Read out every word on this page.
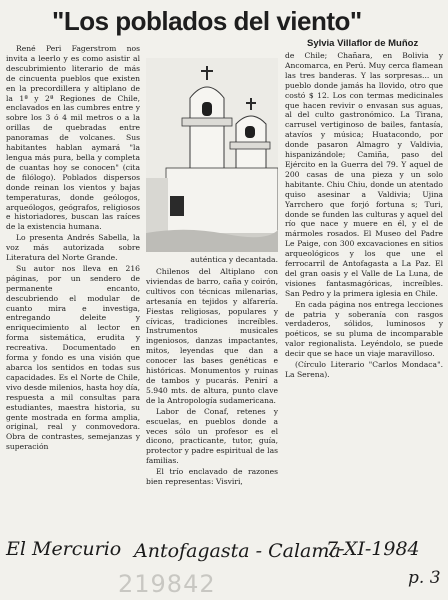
"Los poblados del viento"
Sylvia Villaflor de Muñoz

René Peri Fagerstrom nos invita a leerlo y es como asistir al descubrimiento literario de más de cincuenta pueblos que existen en la precordillera y altiplano de la 1ª y 2ª Regiones de Chile, enclavados en las cumbres entre y sobre los 3 ó 4 mil metros o a la orillas de quebradas entre panoramas de volcanes. Sus habitantes hablan aymará "la lengua más pura, bella y completa de cuantas hoy se conocen" (cita de filólogo). Poblados dispersos donde reinan los vientos y bajas temperaturas, donde geólogos, arqueólogos, geógrafos, religiosos e historiadores, buscan las raíces de la existencia humana.

Lo presenta Andrés Sabella, la voz más autorizada sobre Literatura del Norte Grande.

Su autor nos lleva en 216 páginas, por un sendero de permanente encanto, descubriendo el modular de cuanto mira e investiga, entregando deleite y enriquecimiento al lector en forma sistemática, erudita y recreativa. Documentado en forma y fondo es una visión que abarca los sentidos en todas sus capacidades. Es el Norte de Chile, vivo desde milenios, hasta hoy día, respuesta a mil consultas para estudiantes, maestra historia, su gente mostrada en forma amplia, original, real y conmovedora. Obra de contrastes, semejanzas y superación

auténtica y decantada.

Chilenos del Altiplano con viviendas de barro, caña y coirón, cultivos con técnicas milenarias, artesanía en tejidos y alfarería. Fiestas religiosas, populares y cívicas, tradiciones increíbles. Instrumentos musicales ingeniosos, danzas impactantes, mitos, leyendas que dan a conocer las bases genéticas e históricas. Monumentos y ruinas de tambos y pucarás. Penirí a 5.940 mts. de altura, punto clave de la Antropología sudamericana.

Labor de Conaf, retenes y escuelas, en pueblos donde a veces sólo un profesor es el dicono, practicante, tutor, guía, protector y padre espiritual de las familias.

El trío enclavado de razones bien representas: Visviri,

de Chile; Chañara, en Bolivia y Ancomarca, en Perú. Muy cerca flamean las tres banderas. Y las sorpresas... un pueblo donde jamás ha llovido, otro que costó $ 12. Los con termas medicinales que hacen revivir o envasan sus aguas, al del culto gastronómico. La Tirana, carrusel vertiginoso de bailes, fantasía, atavíos y música; Huatacondo, por donde pasaron Almagro y Valdivia, hispanizándole; Camiña, paso del Ejército en la Guerra del 79. Y aquel de 200 casas de una pieza y un solo habitante. Chiu Chiu, donde un atentado quiso asesinar a Valdivia; Ujina Yarrchero que forjó fortuna s; Turi, donde se funden las culturas y aquel del río que nace y muere en él, y el de mármoles rosados. El Museo del Padre Le Paige, con 300 excavaciones en sitios arqueológicos y los que une el ferrocarril de Antofagasta a La Paz. El del gran oasis y el Valle de La Luna, de visiones fantasmagóricas, increíbles. San Pedro y la primera iglesia en Chile.

En cada página nos entrega lecciones de patria y soberanía con rasgos verdaderos, sólidos, luminosos y poéticos, se su pluma de incomparable valor regionalista. Leyéndolo, se puede decir que se hace un viaje maravilloso.

(Círculo Literario "Carlos Mondaca". La Serena).

El Mercurio Antofagasta - Calama
7-XI-1984
p. 3
219842
